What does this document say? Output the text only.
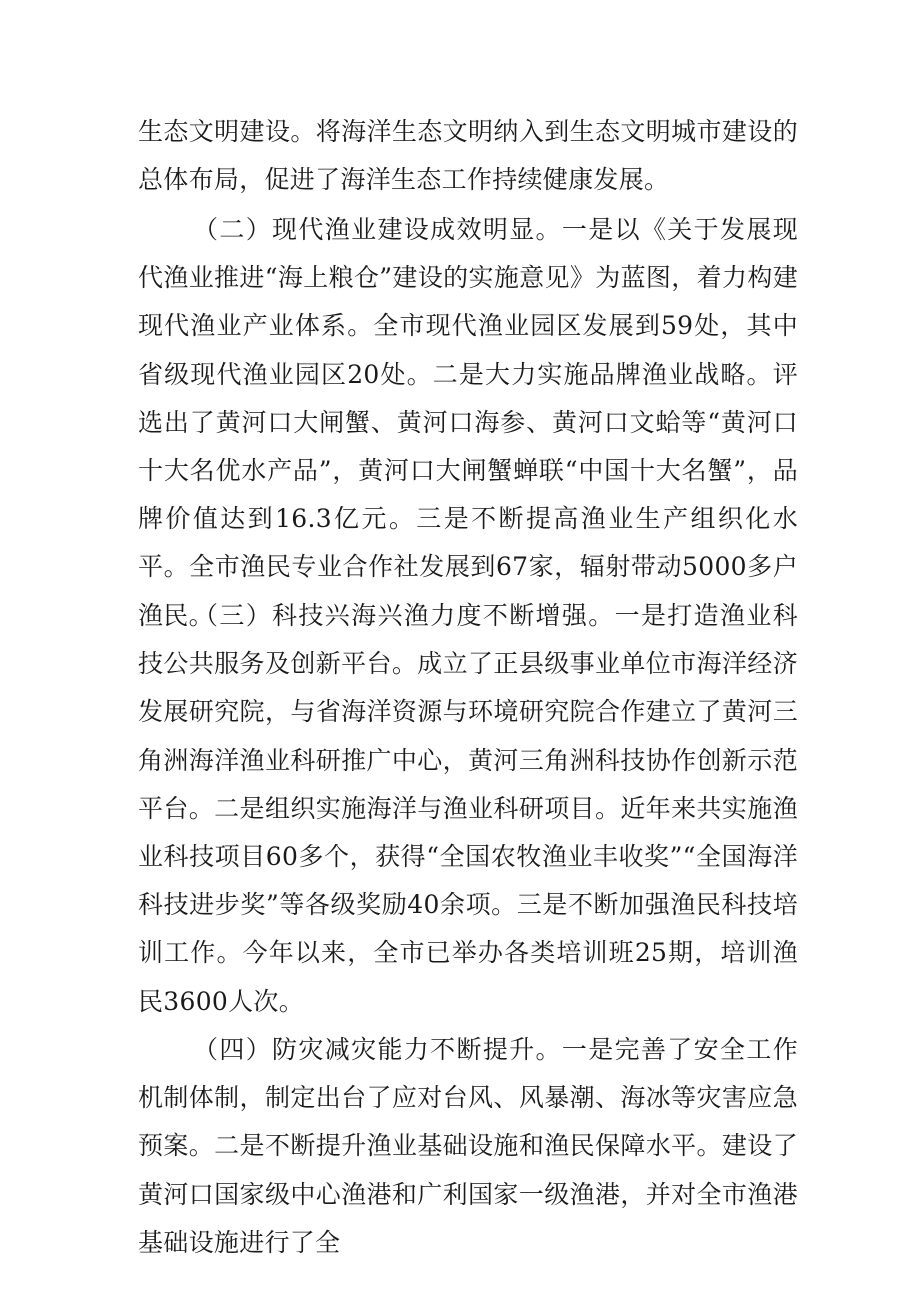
生态文明建设。将海洋生态文明纳入到生态文明城市建设的总体布局，促进了海洋生态工作持续健康发展。

（二）现代渔业建设成效明显。一是以《关于发展现代渔业推进“海上粮仓”建设的实施意见》为蓝图，着力构建现代渔业产业体系。全市现代渔业园区发展到59处，其中省级现代渔业园区20处。二是大力实施品牌渔业战略。评选出了黄河口大闸蟹、黄河口海参、黄河口文蛤等“黄河口十大名优水产品”，黄河口大闸蟹蝉联“中国十大名蟹”，品牌价值达到16.3亿元。三是不断提高渔业生产组织化水平。全市渔民专业合作社发展到67家，辐射带动5000多户渔民。

（三）科技兴海兴渔力度不断增强。一是打造渔业科技公共服务及创新平台。成立了正县级事业单位市海洋经济发展研究院，与省海洋资源与环境研究院合作建立了黄河三角洲海洋渔业科研推广中心，黄河三角洲科技协作创新示范平台。二是组织实施海洋与渔业科研项目。近年来共实施渔业科技项目60多个，获得“全国农牧渔业丰收奖”“全国海洋科技进步奖”等各级奖励40余项。三是不断加强渔民科技培训工作。今年以来，全市已举办各类培训班25期，培训渔民3600人次。

（四）防灾减灾能力不断提升。一是完善了安全工作机制体制，制定出台了应对台风、风暴潮、海冰等灾害应急预案。二是不断提升渔业基础设施和渔民保障水平。建设了黄河口国家级中心渔港和广利国家一级渔港，并对全市渔港基础设施进行了全
